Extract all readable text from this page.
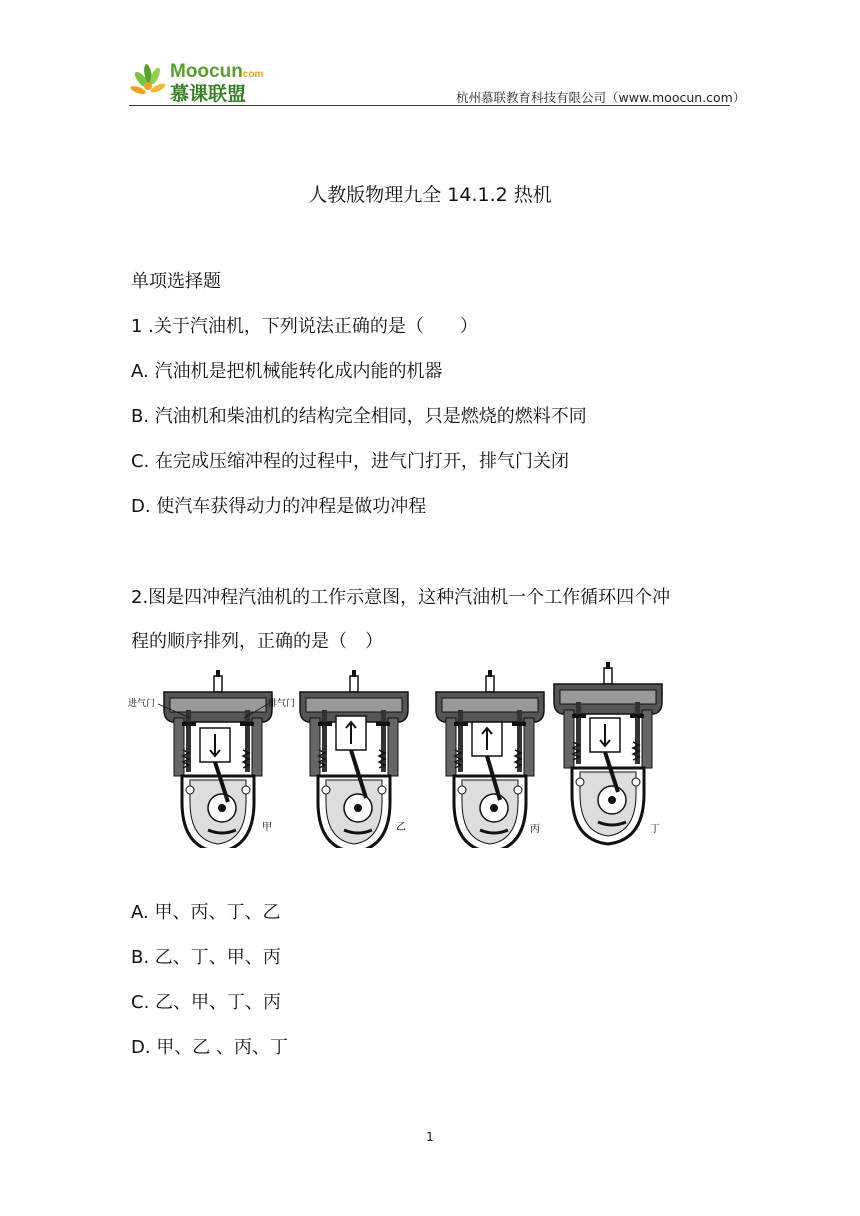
Moocun
.com
慕课联盟	杭州慕联教育科技有限公司（www.moocun.com）
人教版物理九全 14.1.2 热机
单项选择题
1 .关于汽油机，下列说法正确的是（　　）
A. 汽油机是把机械能转化成内能的机器
B. 汽油机和柴油机的结构完全相同，只是燃烧的燃料不同
C. 在完成压缩冲程的过程中，进气门打开，排气门关闭
D. 使汽车获得动力的冲程是做功冲程
2.图是四冲程汽油机的工作示意图，这种汽油机一个工作循环四个冲
程的顺序排列，正确的是（　）
进气门	排气门
甲	乙	丙	丁
A. 甲、丙、丁、乙
B. 乙、丁、甲、丙
C. 乙、甲、丁、丙
D. 甲、乙 、丙、丁
1
